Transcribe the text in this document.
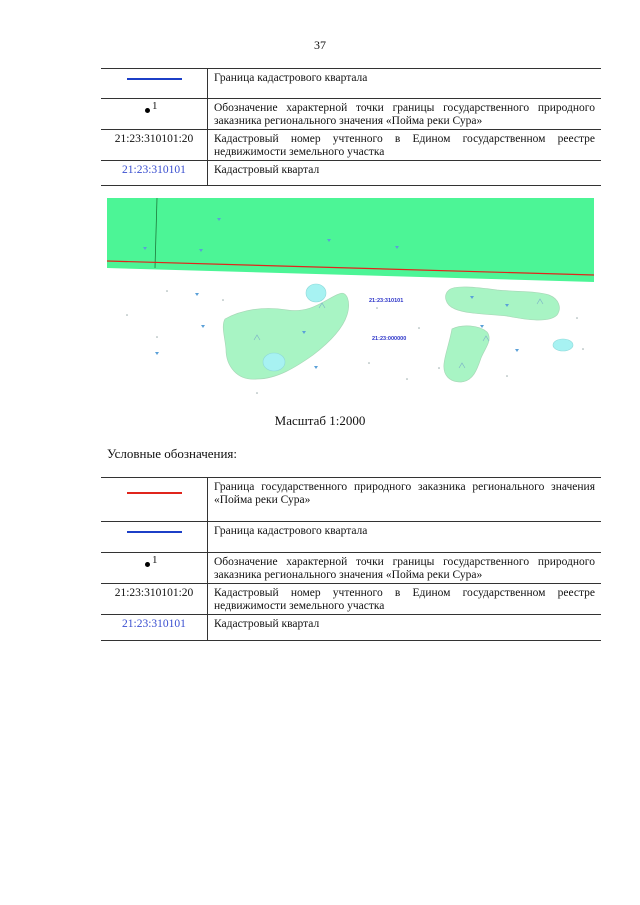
37
	Граница кадастрового квартала

1	Обозначение характерной точки границы государственного природного заказника регионального значения «Пойма реки Сура»
21:23:310101:20	Кадастровый номер учтенного в Едином государственном реестре недвижимости земельного участка
21:23:310101	Кадастровый квартал
21:23:310101
21:23:000000
Масштаб 1:2000
Условные обозначения:
	Граница государственного природного заказника регионального значения «Пойма реки Сура»

	Граница кадастрового квартала

1	Обозначение характерной точки границы государственного природного заказника регионального значения «Пойма реки Сура»
21:23:310101:20	Кадастровый номер учтенного в Едином государственном реестре недвижимости земельного участка
21:23:310101	Кадастровый квартал
